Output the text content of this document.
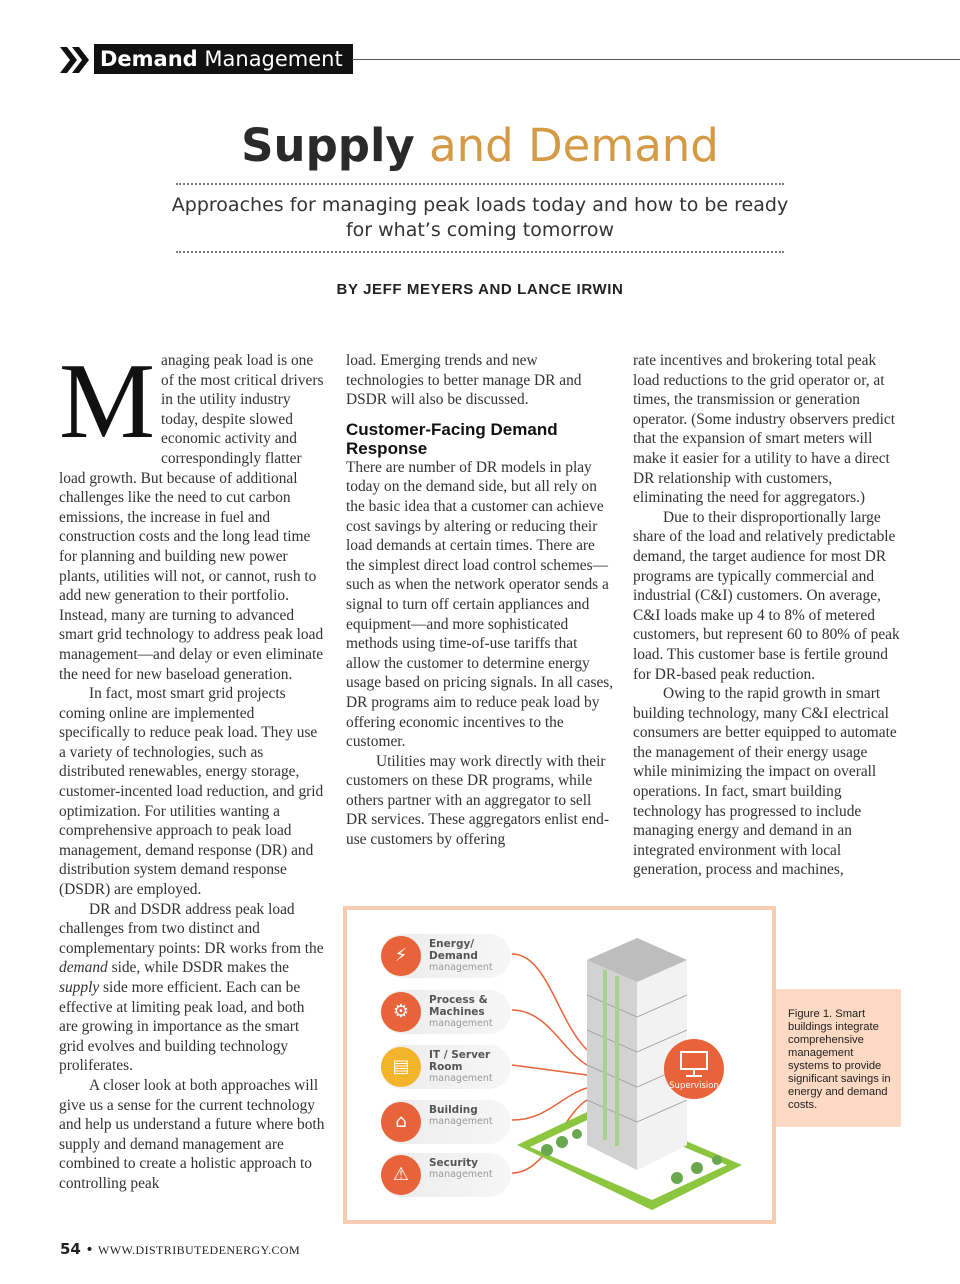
Demand Management
Supply and Demand
Approaches for managing peak loads today and how to be ready for what’s coming tomorrow
BY JEFF MEYERS AND LANCE IRWIN
M anaging peak load is one of the most critical drivers in the utility industry today, despite slowed economic activity and correspondingly flatter load growth. But because of additional challenges like the need to cut carbon emissions, the increase in fuel and construction costs and the long lead time for planning and building new power plants, utilities will not, or cannot, rush to add new generation to their portfolio. Instead, many are turning to advanced smart grid technology to address peak load management—and delay or even eliminate the need for new baseload generation.

In fact, most smart grid projects coming online are implemented specifically to reduce peak load. They use a variety of technologies, such as distributed renewables, energy storage, customer-incented load reduction, and grid optimization. For utilities wanting a comprehensive approach to peak load management, demand response (DR) and distribution system demand response (DSDR) are employed.

DR and DSDR address peak load challenges from two distinct and complementary points: DR works from the demand side, while DSDR makes the supply side more efficient. Each can be effective at limiting peak load, and both are growing in importance as the smart grid evolves and building technology proliferates.

A closer look at both approaches will give us a sense for the current technology and help us understand a future where both supply and demand management are combined to create a holistic approach to controlling peak

load. Emerging trends and new technologies to better manage DR and DSDR will also be discussed.

Customer-Facing Demand Response

There are number of DR models in play today on the demand side, but all rely on the basic idea that a customer can achieve cost savings by altering or reducing their load demands at certain times. There are the simplest direct load control schemes—such as when the network operator sends a signal to turn off certain appliances and equipment—and more sophisticated methods using time-of-use tariffs that allow the customer to determine energy usage based on pricing signals. In all cases, DR programs aim to reduce peak load by offering economic incentives to the customer.

Utilities may work directly with their customers on these DR programs, while others partner with an aggregator to sell DR services. These aggregators enlist end-use customers by offering

rate incentives and brokering total peak load reductions to the grid operator or, at times, the transmission or generation operator. (Some industry observers predict that the expansion of smart meters will make it easier for a utility to have a direct DR relationship with customers, eliminating the need for aggregators.)

Due to their disproportionally large share of the load and relatively predictable demand, the target audience for most DR programs are typically commercial and industrial (C&I) customers. On average, C&I loads make up 4 to 8% of metered customers, but represent 60 to 80% of peak load. This customer base is fertile ground for DR-based peak reduction.

Owing to the rapid growth in smart building technology, many C&I electrical consumers are better equipped to automate the management of their energy usage while minimizing the impact on overall operations. In fact, smart building technology has progressed to include managing energy and demand in an integrated environment with local generation, process and machines,

Supervision
⚡
Energy/ Demand
management
⚙
Process & Machines
management
▤
IT / Server Room
management
⌂
Building
management
⚠
Security
management
Figure 1. Smart buildings integrate comprehensive management systems to provide significant savings in energy and demand costs.
54 • WWW.DISTRIBUTEDENERGY.COM
